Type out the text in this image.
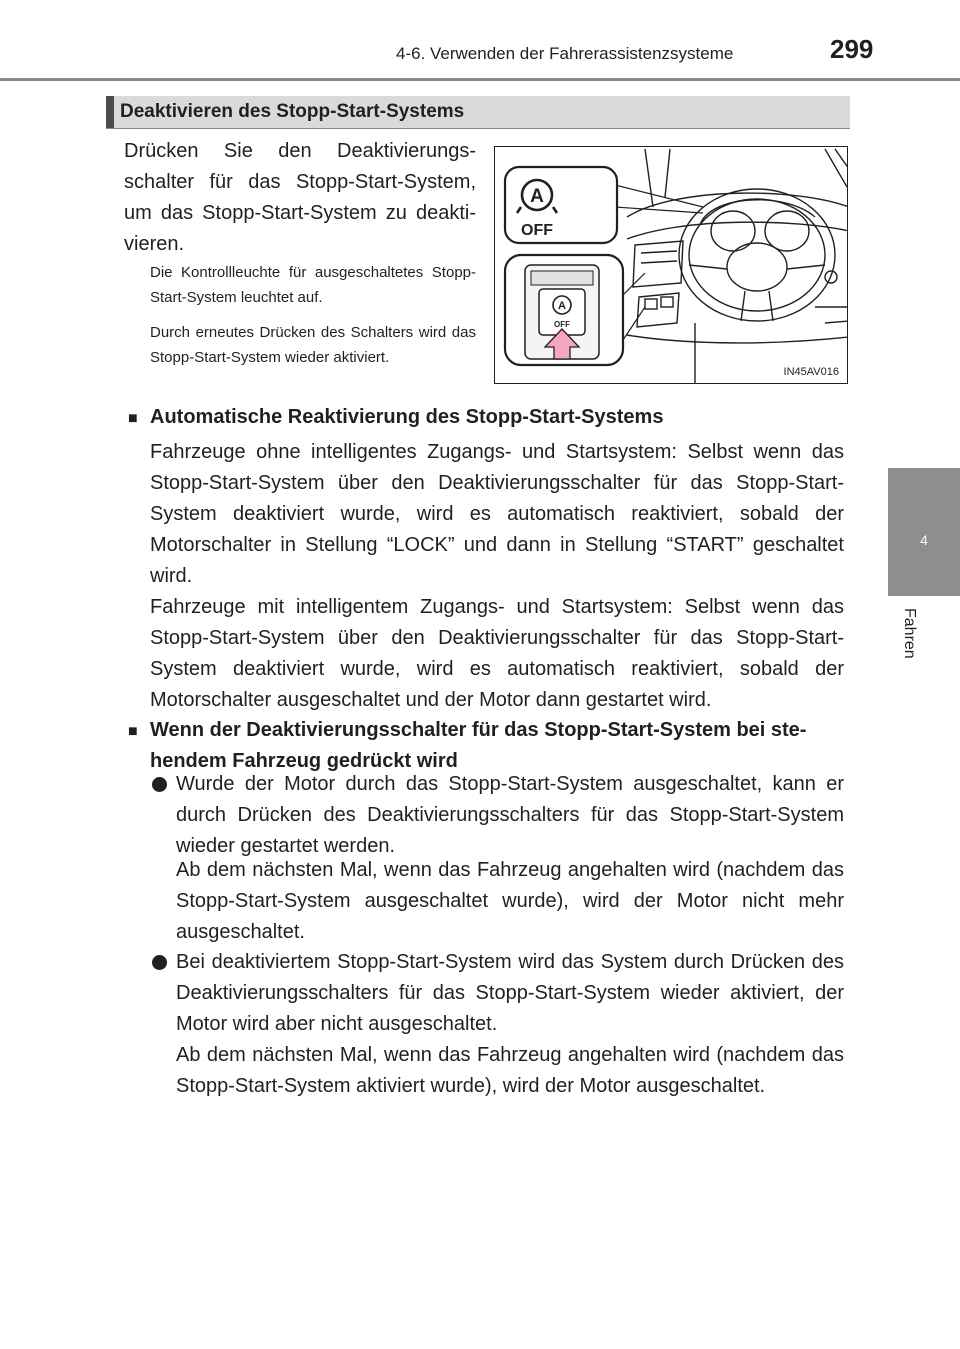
4-6. Verwenden der Fahrerassistenzsysteme	299
4
Fahren
Deaktivieren des Stopp-Start-Systems

Drücken Sie den Deaktivierungs-schalter für das Stopp-Start-System, um das Stopp-Start-System zu deakti-vieren.

Die Kontrollleuchte für ausgeschaltetes Stopp-Start-System leuchtet auf.

Durch erneutes Drücken des Schalters wird das Stopp-Start-System wieder aktiviert.

A
OFF
A
OFF
IN45AV016
■ Automatische Reaktivierung des Stopp-Start-Systems

Fahrzeuge ohne intelligentes Zugangs- und Startsystem: Selbst wenn das Stopp-Start-System über den Deaktivierungsschalter für das Stopp-Start-System deaktiviert wurde, wird es automatisch reaktiviert, sobald der Motorschalter in Stellung “LOCK” und dann in Stellung “START” geschaltet wird.

Fahrzeuge mit intelligentem Zugangs- und Startsystem: Selbst wenn das Stopp-Start-System über den Deaktivierungsschalter für das Stopp-Start-System deaktiviert wurde, wird es automatisch reaktiviert, sobald der Motorschalter ausgeschaltet und der Motor dann gestartet wird.

■ Wenn der Deaktivierungsschalter für das Stopp-Start-System bei ste-hendem Fahrzeug gedrückt wird

Wurde der Motor durch das Stopp-Start-System ausgeschaltet, kann er durch Drücken des Deaktivierungsschalters für das Stopp-Start-System wieder gestartet werden.

Ab dem nächsten Mal, wenn das Fahrzeug angehalten wird (nachdem das Stopp-Start-System ausgeschaltet wurde), wird der Motor nicht mehr ausgeschaltet.

Bei deaktiviertem Stopp-Start-System wird das System durch Drücken des Deaktivierungsschalters für das Stopp-Start-System wieder aktiviert, der Motor wird aber nicht ausgeschaltet.

Ab dem nächsten Mal, wenn das Fahrzeug angehalten wird (nachdem das Stopp-Start-System aktiviert wurde), wird der Motor ausgeschaltet.
